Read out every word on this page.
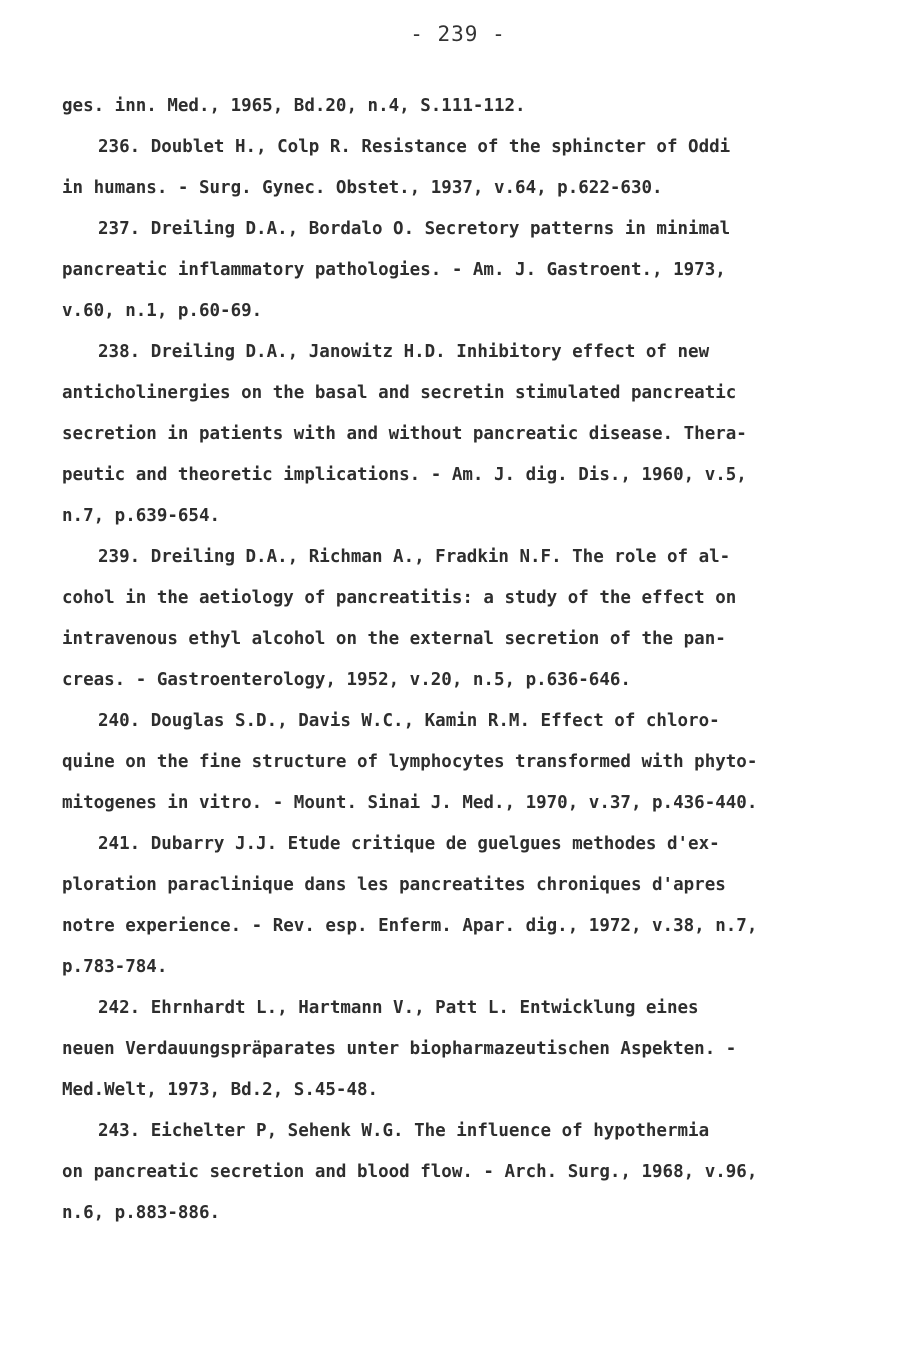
- 239 -
ges. inn. Med., 1965, Bd.20, n.4, S.111-112.
236. Doublet H., Colp R. Resistance of the sphincter of Oddi
in humans. - Surg. Gynec. Obstet., 1937, v.64, p.622-630.
237. Dreiling D.A., Bordalo O. Secretory patterns in minimal
pancreatic inflammatory pathologies. - Am. J. Gastroent., 1973,
v.60, n.1, p.60-69.
238. Dreiling D.A., Janowitz H.D. Inhibitory effect of new
anticholinergies on the basal and secretin stimulated pancreatic
secretion in patients with and without pancreatic disease. Thera-
peutic and theoretic implications. - Am. J. dig. Dis., 1960, v.5,
n.7, p.639-654.
239. Dreiling D.A., Richman A., Fradkin N.F. The role of al-
cohol in the aetiology of pancreatitis: a study of the effect on
intravenous ethyl alcohol on the external secretion of the pan-
creas. - Gastroenterology, 1952, v.20, n.5, p.636-646.
240. Douglas S.D., Davis W.C., Kamin R.M. Effect of chloro-
quine on the fine structure of lymphocytes transformed with phyto-
mitogenes in vitro. - Mount. Sinai J. Med., 1970, v.37, p.436-440.
241. Dubarry J.J. Etude critique de guelgues methodes d'ex-
ploration paraclinique dans les pancreatites chroniques d'apres
notre experience. - Rev. esp. Enferm. Apar. dig., 1972, v.38, n.7,
p.783-784.
242. Ehrnhardt L., Hartmann V., Patt L. Entwicklung eines
neuen Verdauungspräparates unter biopharmazeutischen Aspekten. -
Med.Welt, 1973, Bd.2, S.45-48.
243. Eichelter P, Sehenk W.G. The influence of hypothermia
on pancreatic secretion and blood flow. - Arch. Surg., 1968, v.96,
n.6, p.883-886.
